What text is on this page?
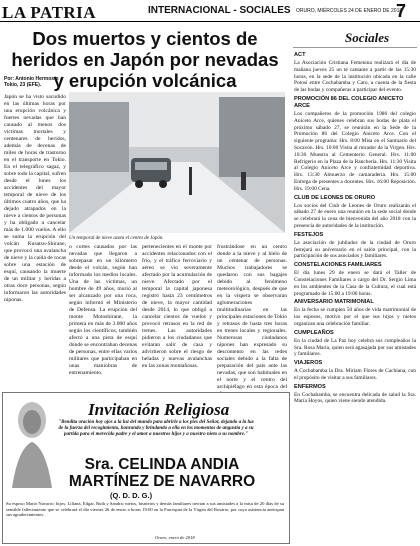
LA PATRIA	INTERNACIONAL - SOCIALES ORURO, MIÉRCOLES 24 DE ENERO DE 2018
7
Dos muertos y cientos de heridos en Japón por nevadas y erupción volcánica
Por: Antonio Hermosín
Tokio, 23 (EFE).
Japón se ha visto sacudido en las últimas horas por una erupción volcánica y fuertes nevadas que han causado al menos dos víctimas mortales y centenares de heridos, además de decenas de miles de horas de trastorno en el transporte en Tokio. En el telegráfico sagaz, y sobre todo la capital, sufren desde el lunes los accidentes del mayor temporal de nieve de los últimos cuatro años, que ha dejado atrapados en la nieve a cientos de personas y ha obligado a cancelar más de 1.000 vuelos. A ello se suma la erupción del volcán Kusatsu-Shirane, que provocó una avalancha de nieve y la caída de rocas sobre una estación de esquí, causando la muerte de un militar y heridas a otras doce personas, según informaron las autoridades niponas.
Un temporal de nieve azota el centro de Japón.
o cortes causados por las nevadas que llegaron a sobrepasar en un kilómetro desde el volcán, según han informado los medios locales. Una de las víctimas, un hombre de 49 años, murió al ser alcanzado por una roca, según informó el Ministerio de Defensa. La erupción del monte Motoshirane, la primera en más de 3.000 años según los científicos, también afectó a una pista de esquí donde se encontraban decenas de personas, entre ellas varios militares que participaban en unas maniobras de entrenamiento.
pertenecientes en el monte por accidentes relacionados con el frío, y el tráfico ferroviario y aéreo se vio severamente afectado por la acumulación de nieve. Afectado por el temporal la capital japonesa registró hasta 23 centímetros de nieve, la mayor cantidad desde 2014, lo que obligó a cancelar cientos de vuelos y provocó retrasos en la red de trenes. Las autoridades pidieron a los ciudadanos que evitaran salir de casa y advirtieron sobre el riesgo de heladas y nuevas avalanchas en las zonas montañosas.
frustrándose en un centro donde a la nieve y al hielo de un centenar de personas. Muchos trabajadores se quedaron con sus bagajes debido al fenómeno meteorológico, después de que en la víspera se observaran aglomeraciones multitudinarias en las principales estaciones de Tokio y retrasos de hasta tres horas en trenes locales y regionales. Numerosas ciudadanos nipones han expresado su descontento en las redes sociales debido a la falta de preparación del país ante las nevadas, que son habituales en el norte y el centro del archipiélago en esta época del
Sociales
ACT

La Asociación Cristiana Femenina realizará el día de mañana jueves 25 un té cantante a partir de las 15:30 horas, en la sede de la institución ubicada en la calle Potosí entre Cochabamba y Caro, a cuenta de la fiesta de las bodas y compañeras a participar del evento.

PROMOCIÓN 86 DEL COLEGIO ANICETO ARCE

Los compañeros de la promoción 1986 del colegio Aniceto Arce, quienes celebran sus bodas de plata el próximo sábado 27, se reunirán en la Sede de la Promoción 86 del Colegio Aniceto Arce. Con el siguiente programa: Hrs. 8:00 Misa en el Santuario del Socavón. Hrs. 10:00 Visita al mirador de la Virgen. Hrs. 10:30 Muestra al Cementerio General. Hrs. 11:00 Refrigerio en la Plaza de la Ranchería. Hrs. 11:30 Visita al Colegio Aniceto Arce y confraternidad deportiva. Hrs. 13:30 Almuerzo de camaradería. Hrs. 15:00 Entrega de presentes a docentes. Hrs. 16:00 Reposición. Hrs. 19:00 Cena.

CLUB DE LEONES DE ORURO

Los socios del Club de Leones de Oruro realizarán el sábado 27 de enero una reunión en la sede social donde se celebrará la cena de bienvenida del año 2018 con la presencia de autoridades de la institución.

FESTEJOS

La asociación de jubilados de la ciudad de Oruro festejará su aniversario en el salón principal, con la participación de sus asociados y familiares.

CONSTELACIONES FAMILIARES

El día lunes 29 de enero se dará el Taller de Constelaciones Familiares a cargo del Dr. Sergio Lima en los ambientes de la Casa de la Cultura, el cual está programado de 15:00 a 19:00 horas.

ANIVERSARIO MATRIMONIAL

En la fecha se cumplen 50 años de vida matrimonial de los esposos, motivo por el que sus hijos y nietos organizan una celebración familiar.

CUMPLEAÑOS

En la ciudad de La Paz hoy celebra sus cumpleaños la Sra. Rosa María, quien será agasajada por sus amistades y familiares.

VIAJEROS

A Cochabamba la Dra. Miriam Flores de Cachiana, con el propósito de visitar a sus familiares.

ENFERMOS

En Cochabamba, se encuentra delicada de salud la Sra. María Hoyos, quien viene siendo atendida.

Invitación Religiosa
"Bendita oración hoy ojos a la luz del mundo para abrirle a los pies del Señor, dejando a la luz de la fuerza del recogimiento, honrando y brindando a ella en los momentos de angustia y a su partida para el merecido padre y el amor a nuestros hijos y a nuestro nieto a su nombre."
Sra. CELINDA ANDIA MARTÍNEZ DE NAVARRO
(Q. D. D. G.)
Su esposo Mario Navarro; hijos: Liliana, Edgar, Ruth y Sandra; nietos, bisnietos y demás familiares invitan a sus amistades a la misa de 20 días de su sensible fallecimiento que se celebrará el día viernes 26 de enero a horas 19:00 en la Parroquia de la Virgen del Rosario, por cuya asistencia anticipan sus agradecimientos.
Oruro, enero de 2018
